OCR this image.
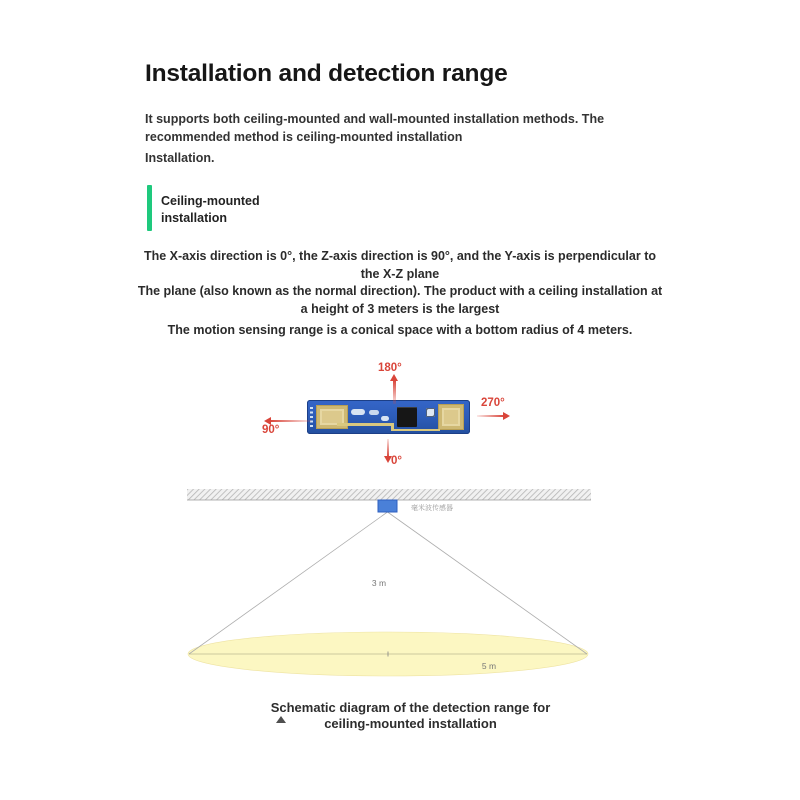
Installation and detection range

It supports both ceiling-mounted and wall-mounted installation methods. The recommended method is ceiling-mounted installation

Installation.

Ceiling-mounted installation

The X-axis direction is 0°, the Z-axis direction is 90°, and the Y-axis is perpendicular to the X-Z plane

The plane (also known as the normal direction). The product with a ceiling installation at a height of 3 meters is the largest

The motion sensing range is a conical space with a bottom radius of 4 meters.

180°
270°
90°
0°
毫米波传感器
3 m
5 m
Schematic diagram of the detection range for
ceiling-mounted installation
